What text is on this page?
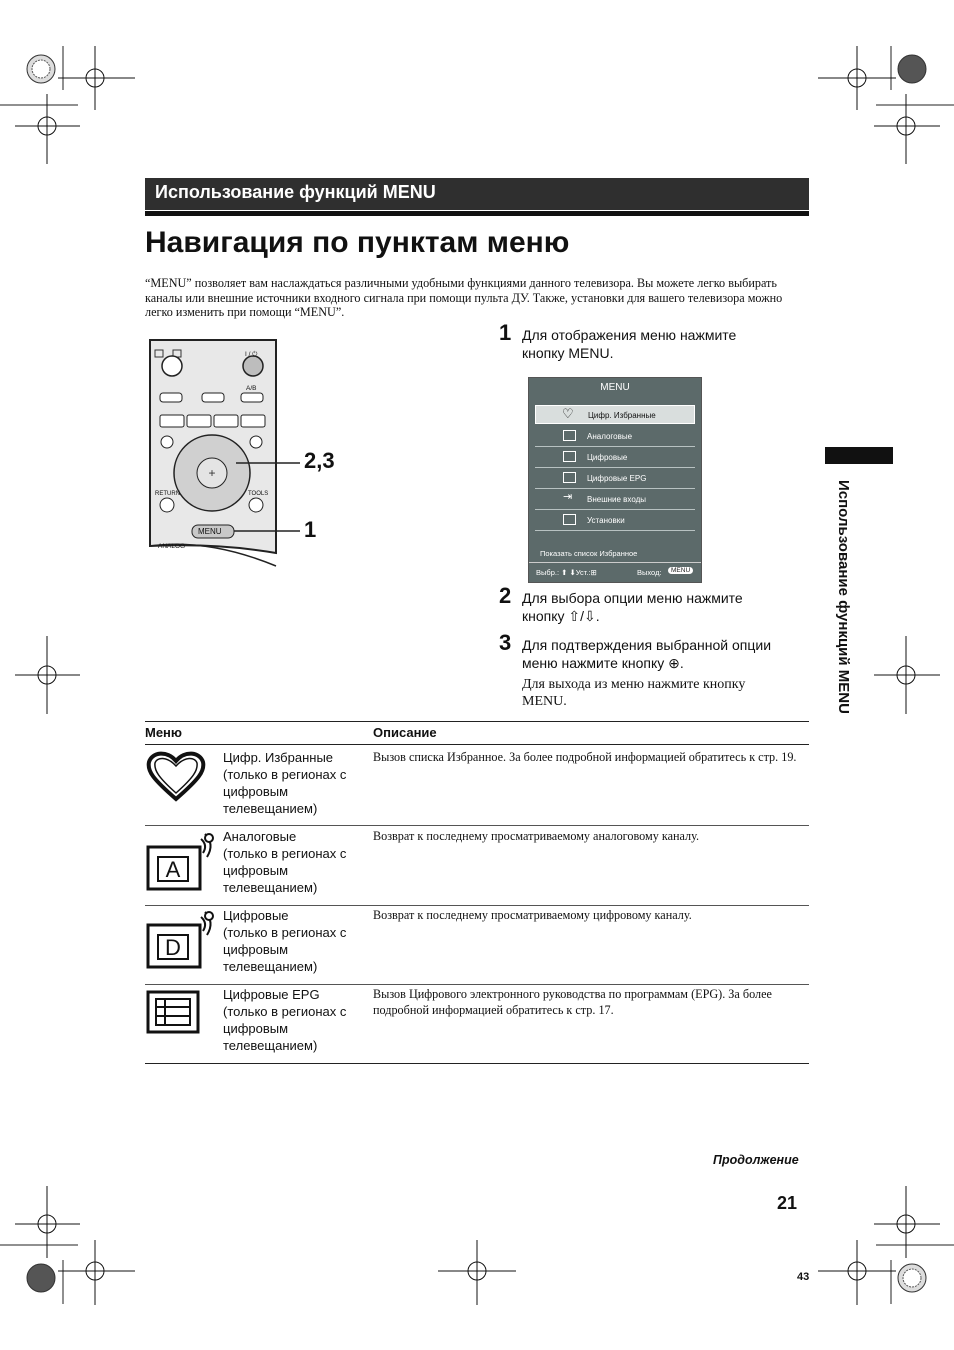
Использование функций MENU
Навигация по пунктам меню
“MENU” позволяет вам наслаждаться различными удобными функциями данного телевизора. Вы можете легко выбирать каналы или внешние источники входного сигнала при помощи пульта ДУ. Также, установки для вашего телевизора можно легко изменить при помощи “MENU”.
+
MENU
RETURN	TOOLS
ANALOG
A/B
I / ⏻
2,3
1
1 Для отображения меню нажмите кнопку MENU.
MENU
♡ Цифр. Избранные
Аналоговые
Цифровые
Цифровые EPG
⇥	Внешние входы
Установки
Показать список Избранное
Выбр.: ⬆ ⬇Уст.:⊞	Выход:	MENU
2 Для выбора опции меню нажмите кнопку ⇧/⇩.
3 Для подтверждения выбранной опции меню нажмите кнопку ⊕.
Для выхода из меню нажмите кнопку MENU.	Использование функций MENU
Меню	Описание
Цифр. Избранные
(только в регионах с цифровым телевещанием)
Вызов списка Избранное. За более подробной информацией обратитесь к стр. 19.
A
Аналоговые
(только в регионах с цифровым телевещанием)
Возврат к последнему просматриваемому аналоговому каналу.
D
Цифровые
(только в регионах с цифровым телевещанием)
Возврат к последнему просматриваемому цифровому каналу.
Цифровые EPG
(только в регионах с цифровым телевещанием)
Вызов Цифрового электронного руководства по программам (EPG). За более подробной информацией обратитесь к стр. 17.
Продолжение
21
43
